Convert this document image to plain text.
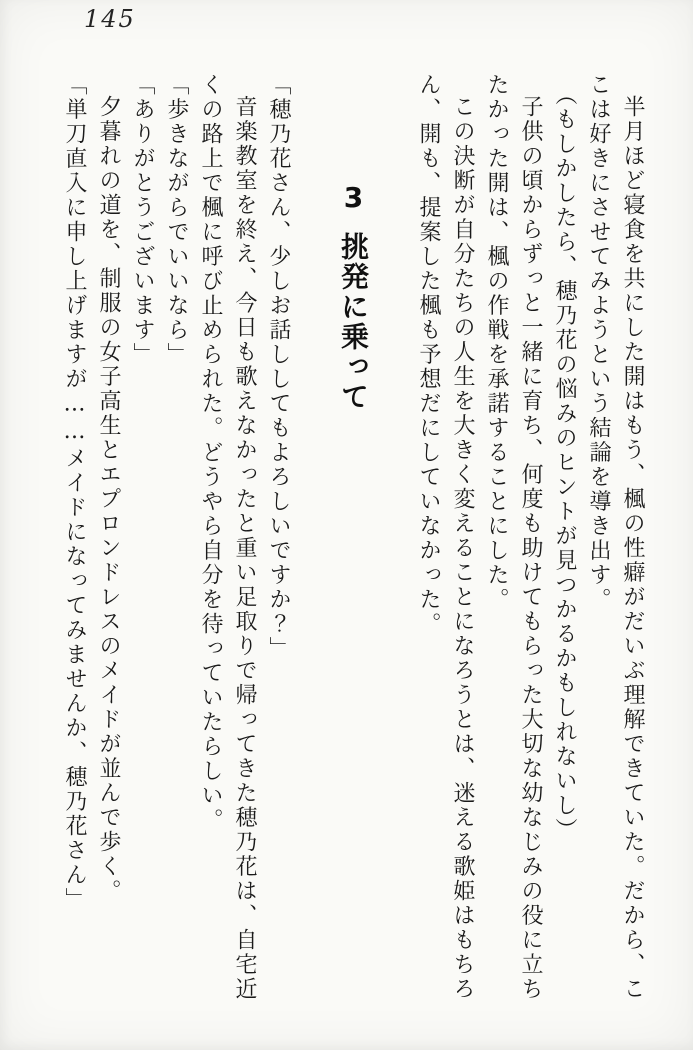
145

半月ほど寝食を共にした開はもう、楓の性癖がだいぶ理解できていた。だから、ここは好きにさせてみようという結論を導き出す。

（もしかしたら、穂乃花の悩みのヒントが見つかるかもしれないし）

子供の頃からずっと一緒に育ち、何度も助けてもらった大切な幼なじみの役に立ちたかった開は、楓の作戦を承諾することにした。

この決断が自分たちの人生を大きく変えることになろうとは、迷える歌姫はもちろん、開も、提案した楓も予想だにしていなかった。

3挑発に乗って

「穂乃花さん、少しお話ししてもよろしいですか？」

音楽教室を終え、今日も歌えなかったと重い足取りで帰ってきた穂乃花は、自宅近くの路上で楓に呼び止められた。どうやら自分を待っていたらしい。

「歩きながらでいいなら」

「ありがとうございます」

夕暮れの道を、制服の女子高生とエプロンドレスのメイドが並んで歩く。

「単刀直入に申し上げますが……メイドになってみませんか、穂乃花さん」
